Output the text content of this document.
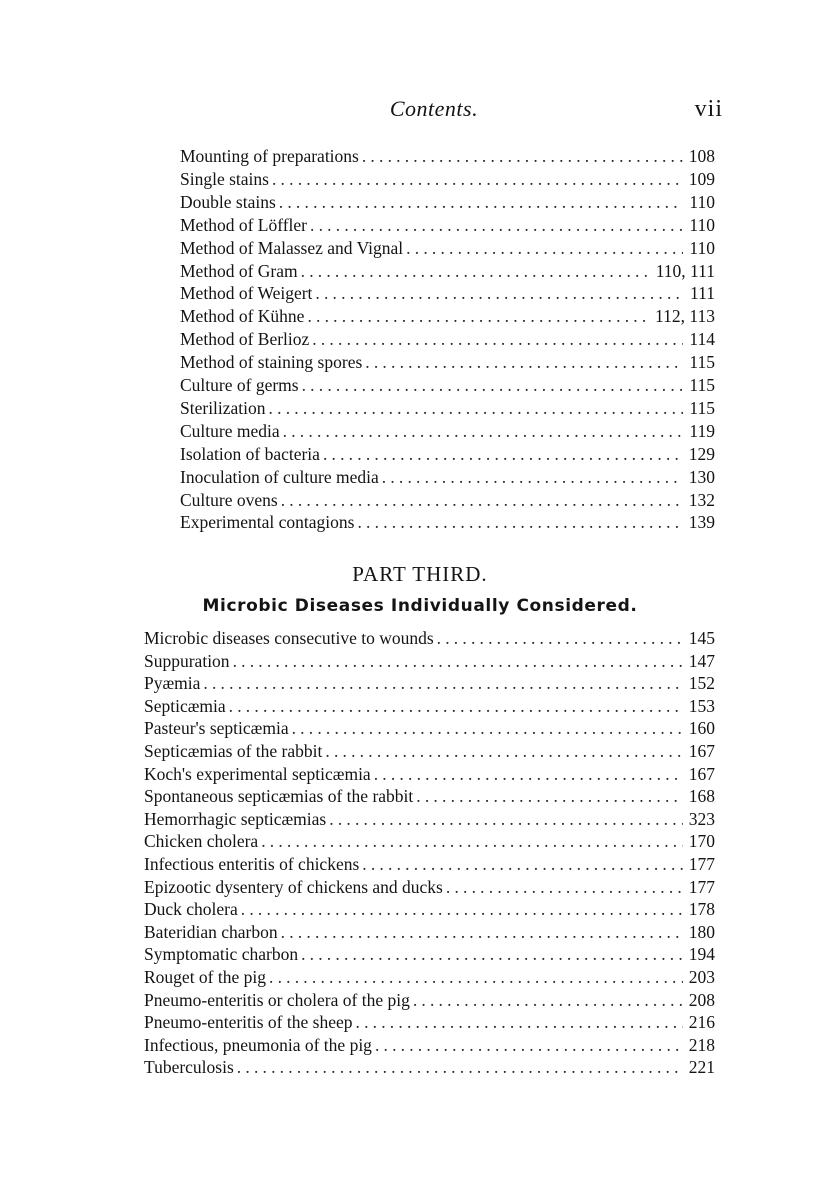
Contents.	vii
Mounting of preparations .....	108
Single stains .....	109
Double stains .....	110
Method of Löffler .....	110
Method of Malassez and Vignal .....	110
Method of Gram .....	110, 111
Method of Weigert .....	111
Method of Kühne .....	112, 113
Method of Berlioz .....	114
Method of staining spores .....	115
Culture of germs .....	115
Sterilization .....	115
Culture media .....	119
Isolation of bacteria .....	129
Inoculation of culture media .....	130
Culture ovens .....	132
Experimental contagions .....	139
PART THIRD.
Microbic Diseases Individually Considered.
Microbic diseases consecutive to wounds .....	145
Suppuration .....	147
Pyæmia .....	152
Septicæmia .....	153
Pasteur's septicæmia .....	160
Septicæmias of the rabbit .....	167
Koch's experimental septicæmia .....	167
Spontaneous septicæmias of the rabbit .....	168
Hemorrhagic septicæmias .....	323
Chicken cholera .....	170
Infectious enteritis of chickens .....	177
Epizootic dysentery of chickens and ducks .....	177
Duck cholera .....	178
Bateridian charbon .....	180
Symptomatic charbon .....	194
Rouget of the pig .....	203
Pneumo-enteritis or cholera of the pig .....	208
Pneumo-enteritis of the sheep .....	216
Infectious, pneumonia of the pig .....	218
Tuberculosis .....	221
